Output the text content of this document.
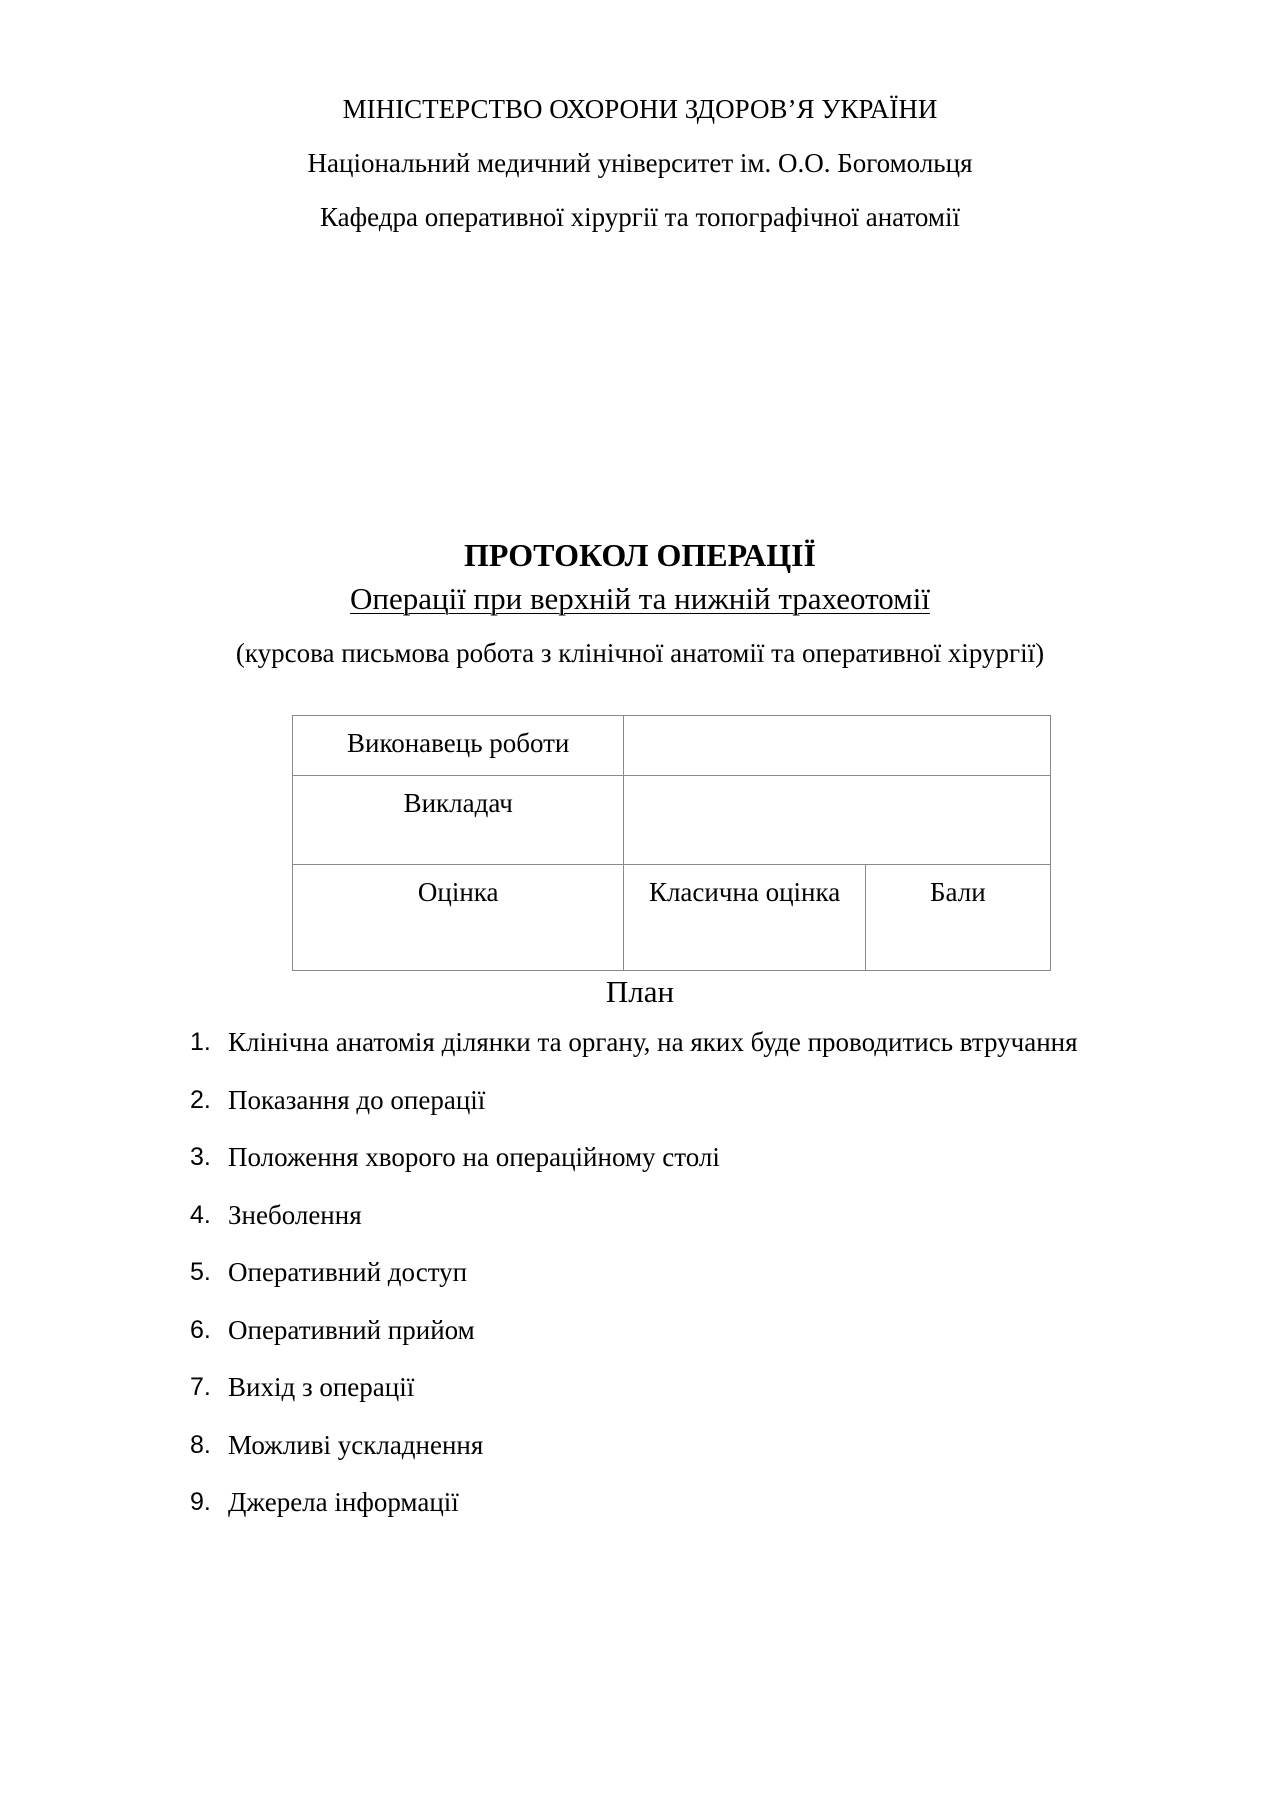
МІНІСТЕРСТВО ОХОРОНИ ЗДОРОВ’Я УКРАЇНИ
Національний медичний університет ім. О.О. Богомольця
Кафедра оперативної хірургії та топографічної анатомії
ПРОТОКОЛ ОПЕРАЦІЇ
Операції при верхній та нижній трахеотомії
(курсова письмова робота з клінічної анатомії та оперативної хірургії)
Виконавець роботи		
Викладач		
Оцінка	Класична оцінка	Бали
План
1. Клінічна анатомія ділянки та органу, на яких буде проводитись втручання
2. Показання до операції
3. Положення хворого на операційному столі
4. Знеболення
5. Оперативний доступ
6. Оперативний прийом
7. Вихід з операції
8. Можливі ускладнення
9. Джерела інформації
